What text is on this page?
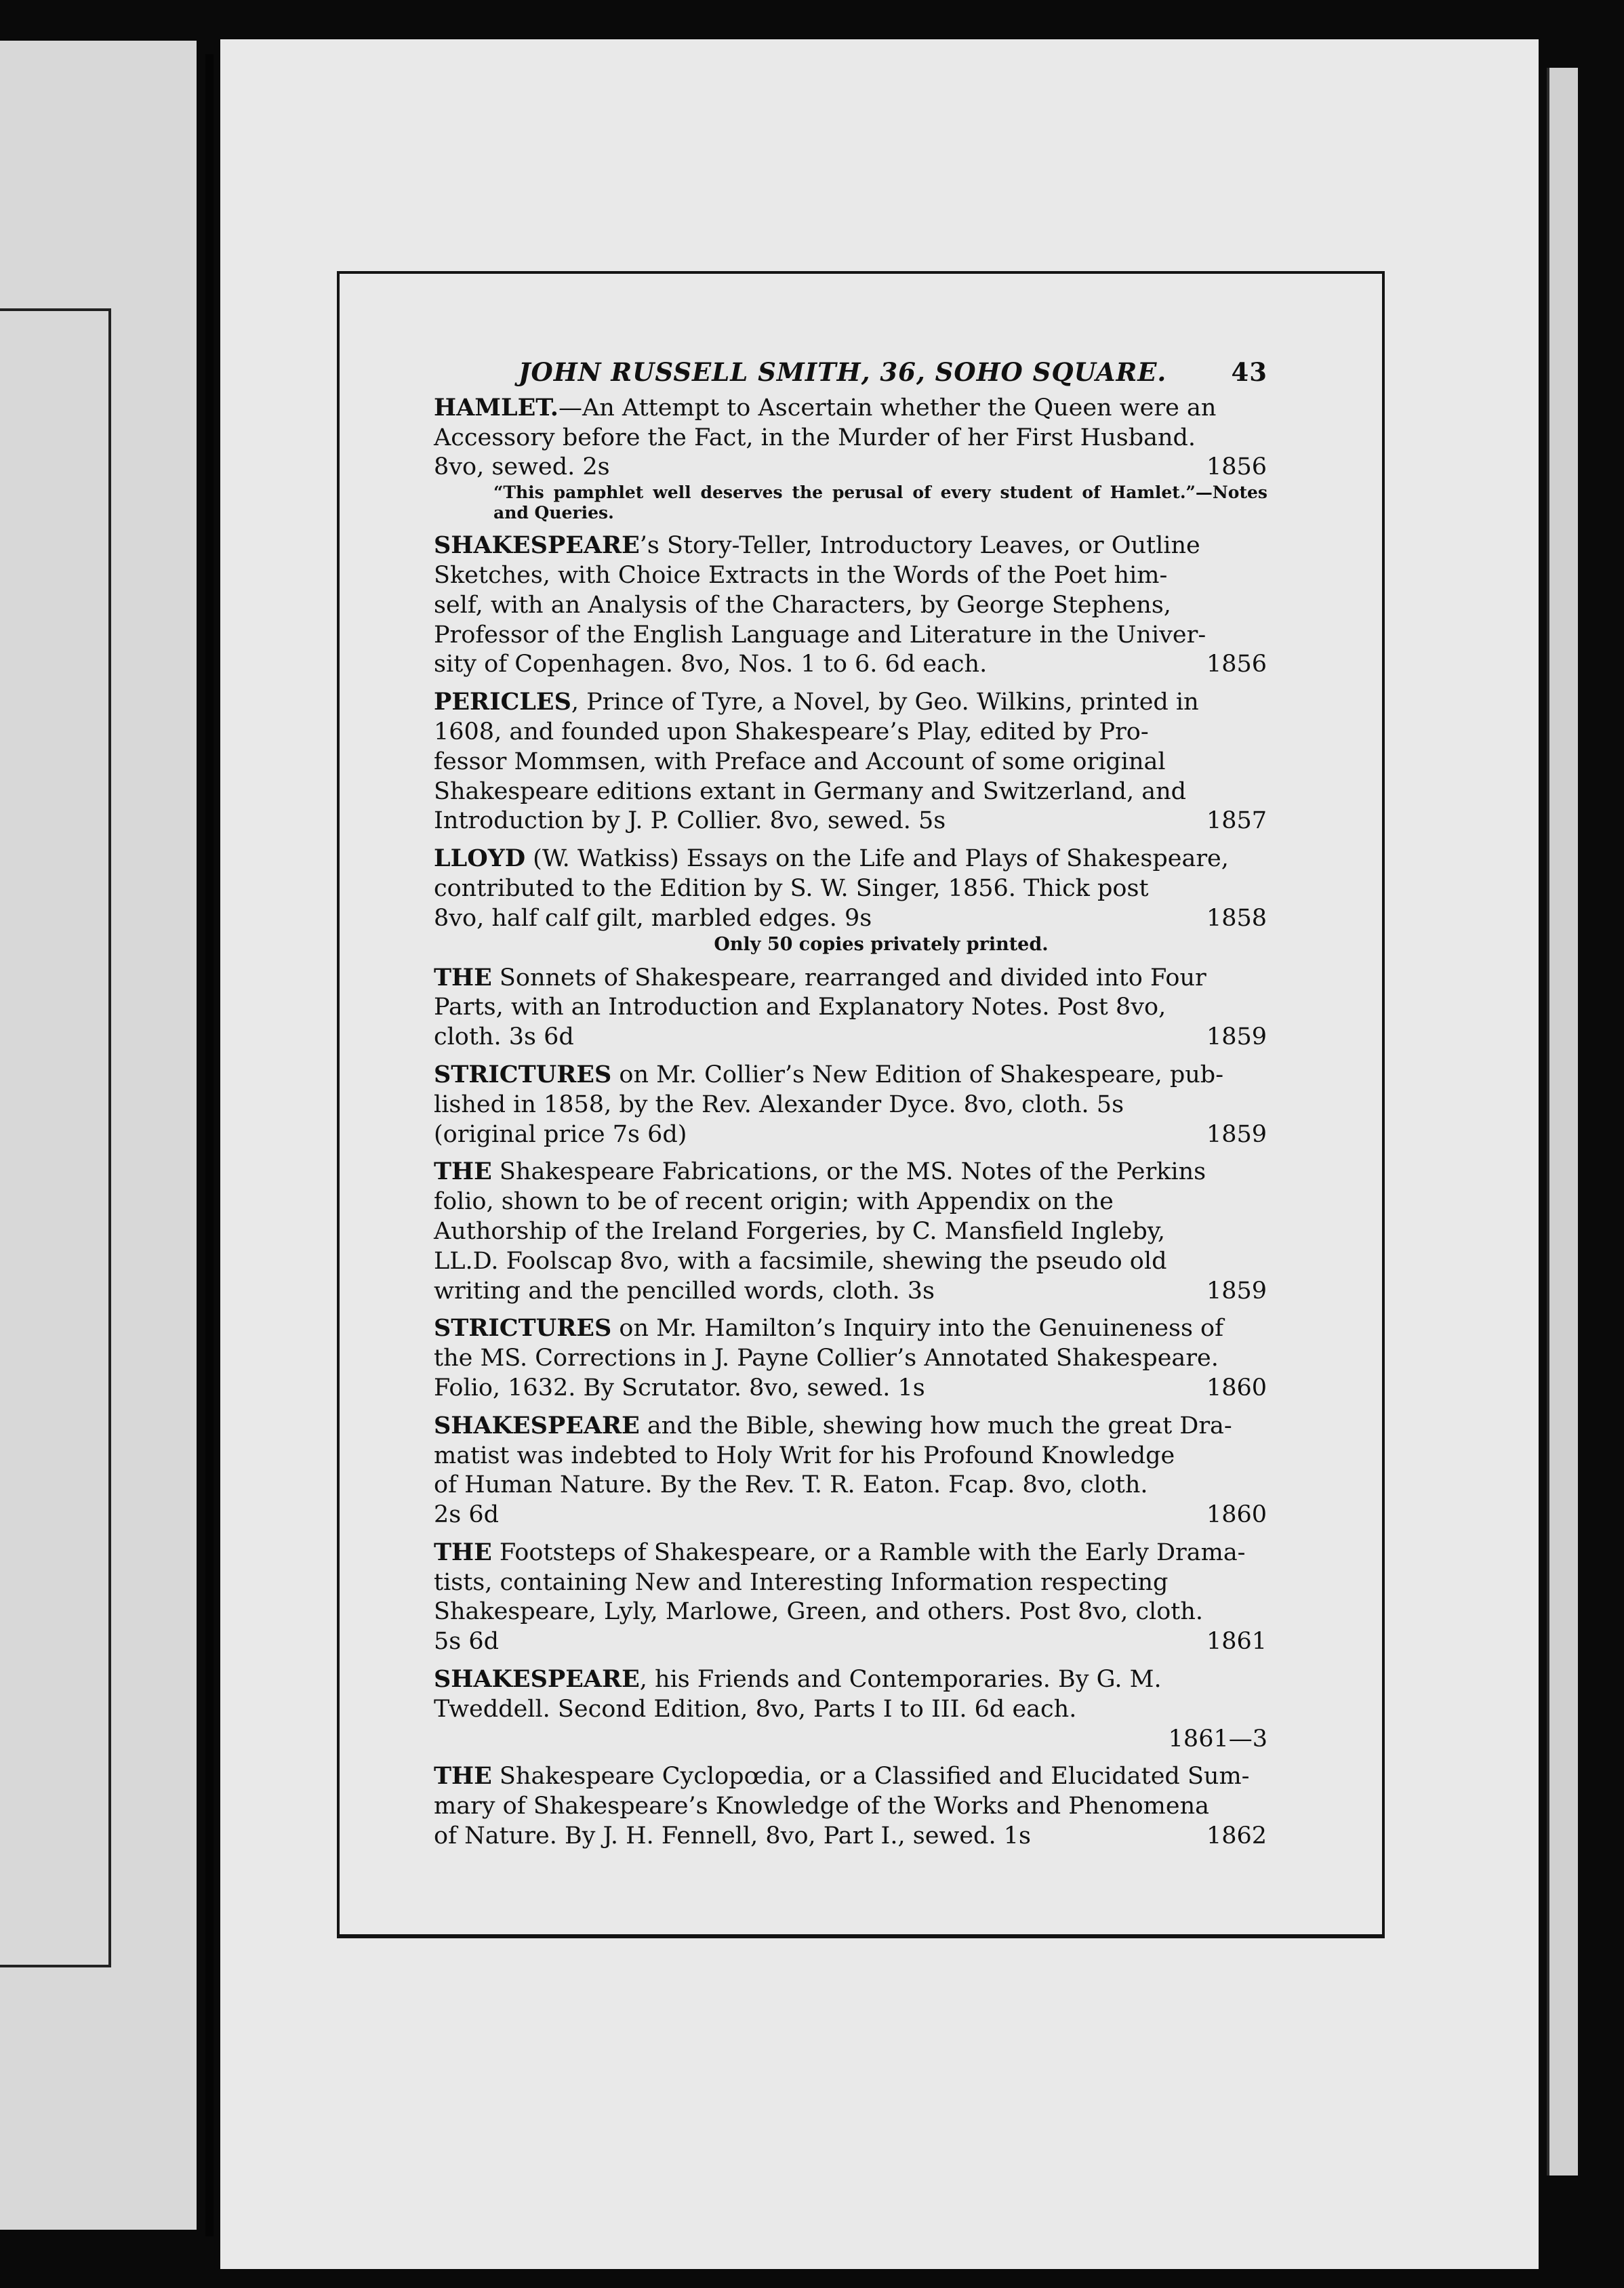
JOHN RUSSELL SMITH, 36, SOHO SQUARE.	43
HAMLET.—An Attempt to Ascertain whether the Queen were an
Accessory before the Fact, in the Murder of her First Husband.
8vo, sewed. 2s	1856
“This pamphlet well deserves the perusal of every student of Hamlet.”—Notes and Queries.
SHAKESPEARE’s Story-Teller, Introductory Leaves, or Outline
Sketches, with Choice Extracts in the Words of the Poet him-
self, with an Analysis of the Characters, by George Stephens,
Professor of the English Language and Literature in the Univer-
sity of Copenhagen. 8vo, Nos. 1 to 6. 6d each.	1856
PERICLES, Prince of Tyre, a Novel, by Geo. Wilkins, printed in
1608, and founded upon Shakespeare’s Play, edited by Pro-
fessor Mommsen, with Preface and Account of some original
Shakespeare editions extant in Germany and Switzerland, and
Introduction by J. P. Collier. 8vo, sewed. 5s	1857
LLOYD (W. Watkiss) Essays on the Life and Plays of Shakespeare,
contributed to the Edition by S. W. Singer, 1856. Thick post
8vo, half calf gilt, marbled edges. 9s	1858
Only 50 copies privately printed.
THE Sonnets of Shakespeare, rearranged and divided into Four
Parts, with an Introduction and Explanatory Notes. Post 8vo,
cloth. 3s 6d	1859
STRICTURES on Mr. Collier’s New Edition of Shakespeare, pub-
lished in 1858, by the Rev. Alexander Dyce. 8vo, cloth. 5s
(original price 7s 6d)	1859
THE Shakespeare Fabrications, or the MS. Notes of the Perkins
folio, shown to be of recent origin; with Appendix on the
Authorship of the Ireland Forgeries, by C. Mansfield Ingleby,
LL.D. Foolscap 8vo, with a facsimile, shewing the pseudo old
writing and the pencilled words, cloth. 3s	1859
STRICTURES on Mr. Hamilton’s Inquiry into the Genuineness of
the MS. Corrections in J. Payne Collier’s Annotated Shakespeare.
Folio, 1632. By Scrutator. 8vo, sewed. 1s	1860
SHAKESPEARE and the Bible, shewing how much the great Dra-
matist was indebted to Holy Writ for his Profound Knowledge
of Human Nature. By the Rev. T. R. Eaton. Fcap. 8vo, cloth.
2s 6d	1860
THE Footsteps of Shakespeare, or a Ramble with the Early Drama-
tists, containing New and Interesting Information respecting
Shakespeare, Lyly, Marlowe, Green, and others. Post 8vo, cloth.
5s 6d	1861
SHAKESPEARE, his Friends and Contemporaries. By G. M.
Tweddell. Second Edition, 8vo, Parts I to III. 6d each.
1861—3
THE Shakespeare Cyclopœdia, or a Classified and Elucidated Sum-
mary of Shakespeare’s Knowledge of the Works and Phenomena
of Nature. By J. H. Fennell, 8vo, Part I., sewed. 1s	1862
